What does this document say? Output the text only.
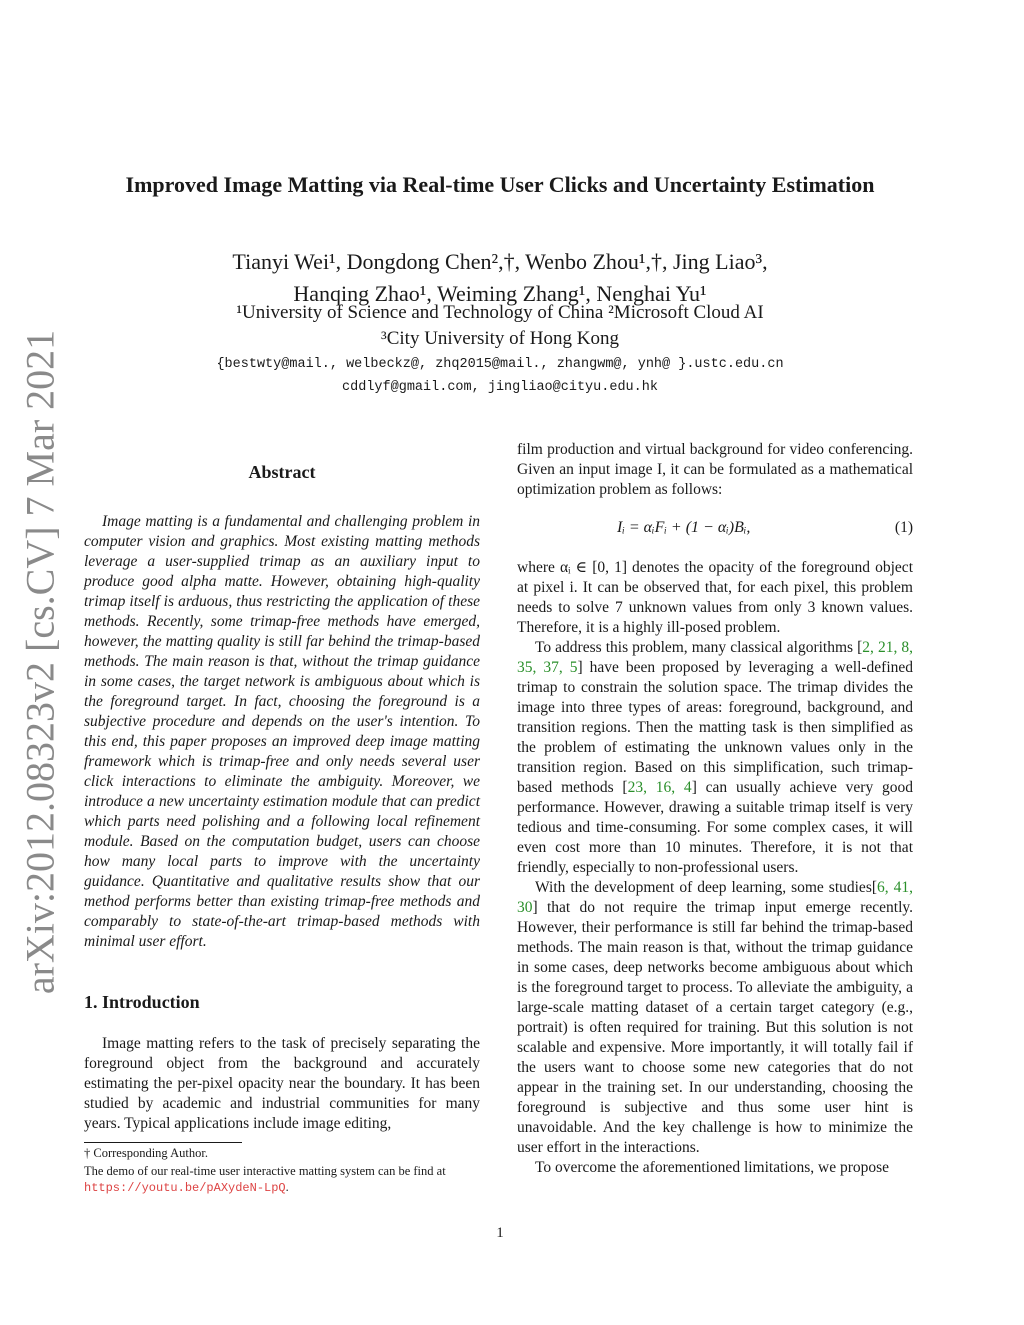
arXiv:2012.08323v2 [cs.CV] 7 Mar 2021
Improved Image Matting via Real-time User Clicks and Uncertainty Estimation
Tianyi Wei¹, Dongdong Chen²,†, Wenbo Zhou¹,†, Jing Liao³,
Hanqing Zhao¹, Weiming Zhang¹, Nenghai Yu¹
¹University of Science and Technology of China ²Microsoft Cloud AI
³City University of Hong Kong
{bestwty@mail., welbeckz@, zhq2015@mail., zhangwm@, ynh@ }.ustc.edu.cn
cddlyf@gmail.com, jingliao@cityu.edu.hk
Abstract

Image matting is a fundamental and challenging problem in computer vision and graphics. Most existing matting methods leverage a user-supplied trimap as an auxiliary input to produce good alpha matte. However, obtaining high-quality trimap itself is arduous, thus restricting the application of these methods. Recently, some trimap-free methods have emerged, however, the matting quality is still far behind the trimap-based methods. The main reason is that, without the trimap guidance in some cases, the target network is ambiguous about which is the foreground target. In fact, choosing the foreground is a subjective procedure and depends on the user's intention. To this end, this paper proposes an improved deep image matting framework which is trimap-free and only needs several user click interactions to eliminate the ambiguity. Moreover, we introduce a new uncertainty estimation module that can predict which parts need polishing and a following local refinement module. Based on the computation budget, users can choose how many local parts to improve with the uncertainty guidance. Quantitative and qualitative results show that our method performs better than existing trimap-free methods and comparably to state-of-the-art trimap-based methods with minimal user effort.

1. Introduction

Image matting refers to the task of precisely separating the foreground object from the background and accurately estimating the per-pixel opacity near the boundary. It has been studied by academic and industrial communities for many years. Typical applications include image editing,

† Corresponding Author.

The demo of our real-time user interactive matting system can be find at https://youtu.be/pAXydeN-LpQ.

film production and virtual background for video conferencing. Given an input image I, it can be formulated as a mathematical optimization problem as follows:

Iᵢ = αᵢFᵢ + (1 − αᵢ)Bᵢ,	(1)

where αᵢ ∈ [0, 1] denotes the opacity of the foreground object at pixel i. It can be observed that, for each pixel, this problem needs to solve 7 unknown values from only 3 known values. Therefore, it is a highly ill-posed problem.

To address this problem, many classical algorithms [2, 21, 8, 35, 37, 5] have been proposed by leveraging a well-defined trimap to constrain the solution space. The trimap divides the image into three types of areas: foreground, background, and transition regions. Then the matting task is then simplified as the problem of estimating the unknown values only in the transition region. Based on this simplification, such trimap-based methods [23, 16, 4] can usually achieve very good performance. However, drawing a suitable trimap itself is very tedious and time-consuming. For some complex cases, it will even cost more than 10 minutes. Therefore, it is not that friendly, especially to non-professional users.

With the development of deep learning, some studies[6, 41, 30] that do not require the trimap input emerge recently. However, their performance is still far behind the trimap-based methods. The main reason is that, without the trimap guidance in some cases, deep networks become ambiguous about which is the foreground target to process. To alleviate the ambiguity, a large-scale matting dataset of a certain target category (e.g., portrait) is often required for training. But this solution is not scalable and expensive. More importantly, it will totally fail if the users want to choose some new categories that do not appear in the training set. In our understanding, choosing the foreground is subjective and thus some user hint is unavoidable. And the key challenge is how to minimize the user effort in the interactions.

To overcome the aforementioned limitations, we propose

1
